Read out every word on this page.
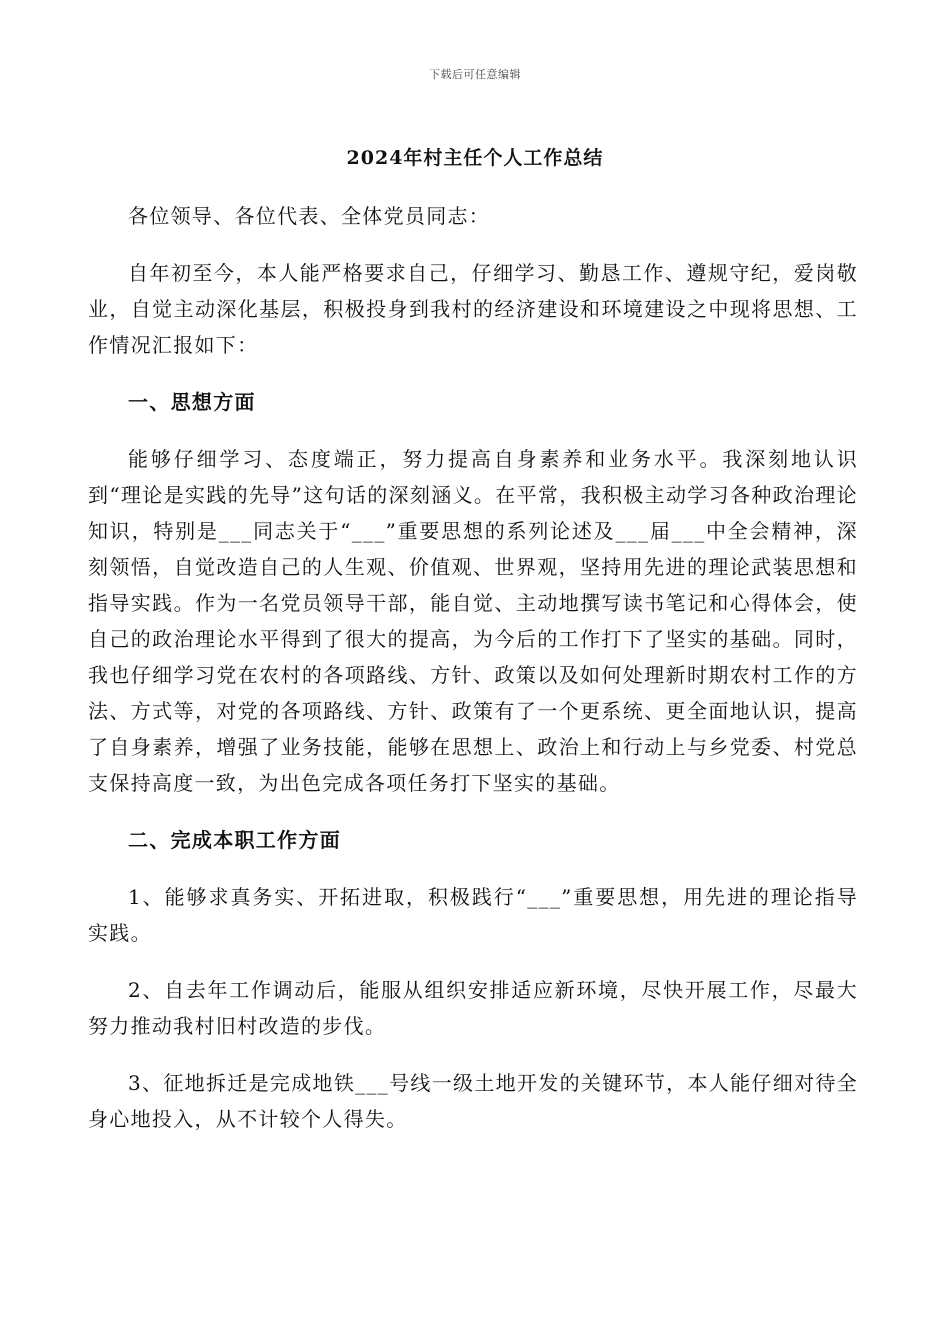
下载后可任意编辑
2024年村主任个人工作总结

各位领导、各位代表、全体党员同志：

自年初至今，本人能严格要求自己，仔细学习、勤恳工作、遵规守纪，爱岗敬业，自觉主动深化基层，积极投身到我村的经济建设和环境建设之中现将思想、工作情况汇报如下：

一、思想方面

能够仔细学习、态度端正，努力提高自身素养和业务水平。我深刻地认识到“理论是实践的先导”这句话的深刻涵义。在平常，我积极主动学习各种政治理论知识，特别是___同志关于“___”重要思想的系列论述及___届___中全会精神，深刻领悟，自觉改造自己的人生观、价值观、世界观，坚持用先进的理论武装思想和指导实践。作为一名党员领导干部，能自觉、主动地撰写读书笔记和心得体会，使自己的政治理论水平得到了很大的提高，为今后的工作打下了坚实的基础。同时，我也仔细学习党在农村的各项路线、方针、政策以及如何处理新时期农村工作的方法、方式等，对党的各项路线、方针、政策有了一个更系统、更全面地认识，提高了自身素养，增强了业务技能，能够在思想上、政治上和行动上与乡党委、村党总支保持高度一致，为出色完成各项任务打下坚实的基础。

二、完成本职工作方面

1、能够求真务实、开拓进取，积极践行“___”重要思想，用先进的理论指导实践。

2、自去年工作调动后，能服从组织安排适应新环境，尽快开展工作，尽最大努力推动我村旧村改造的步伐。

3、征地拆迁是完成地铁___号线一级土地开发的关键环节，本人能仔细对待全身心地投入，从不计较个人得失。
